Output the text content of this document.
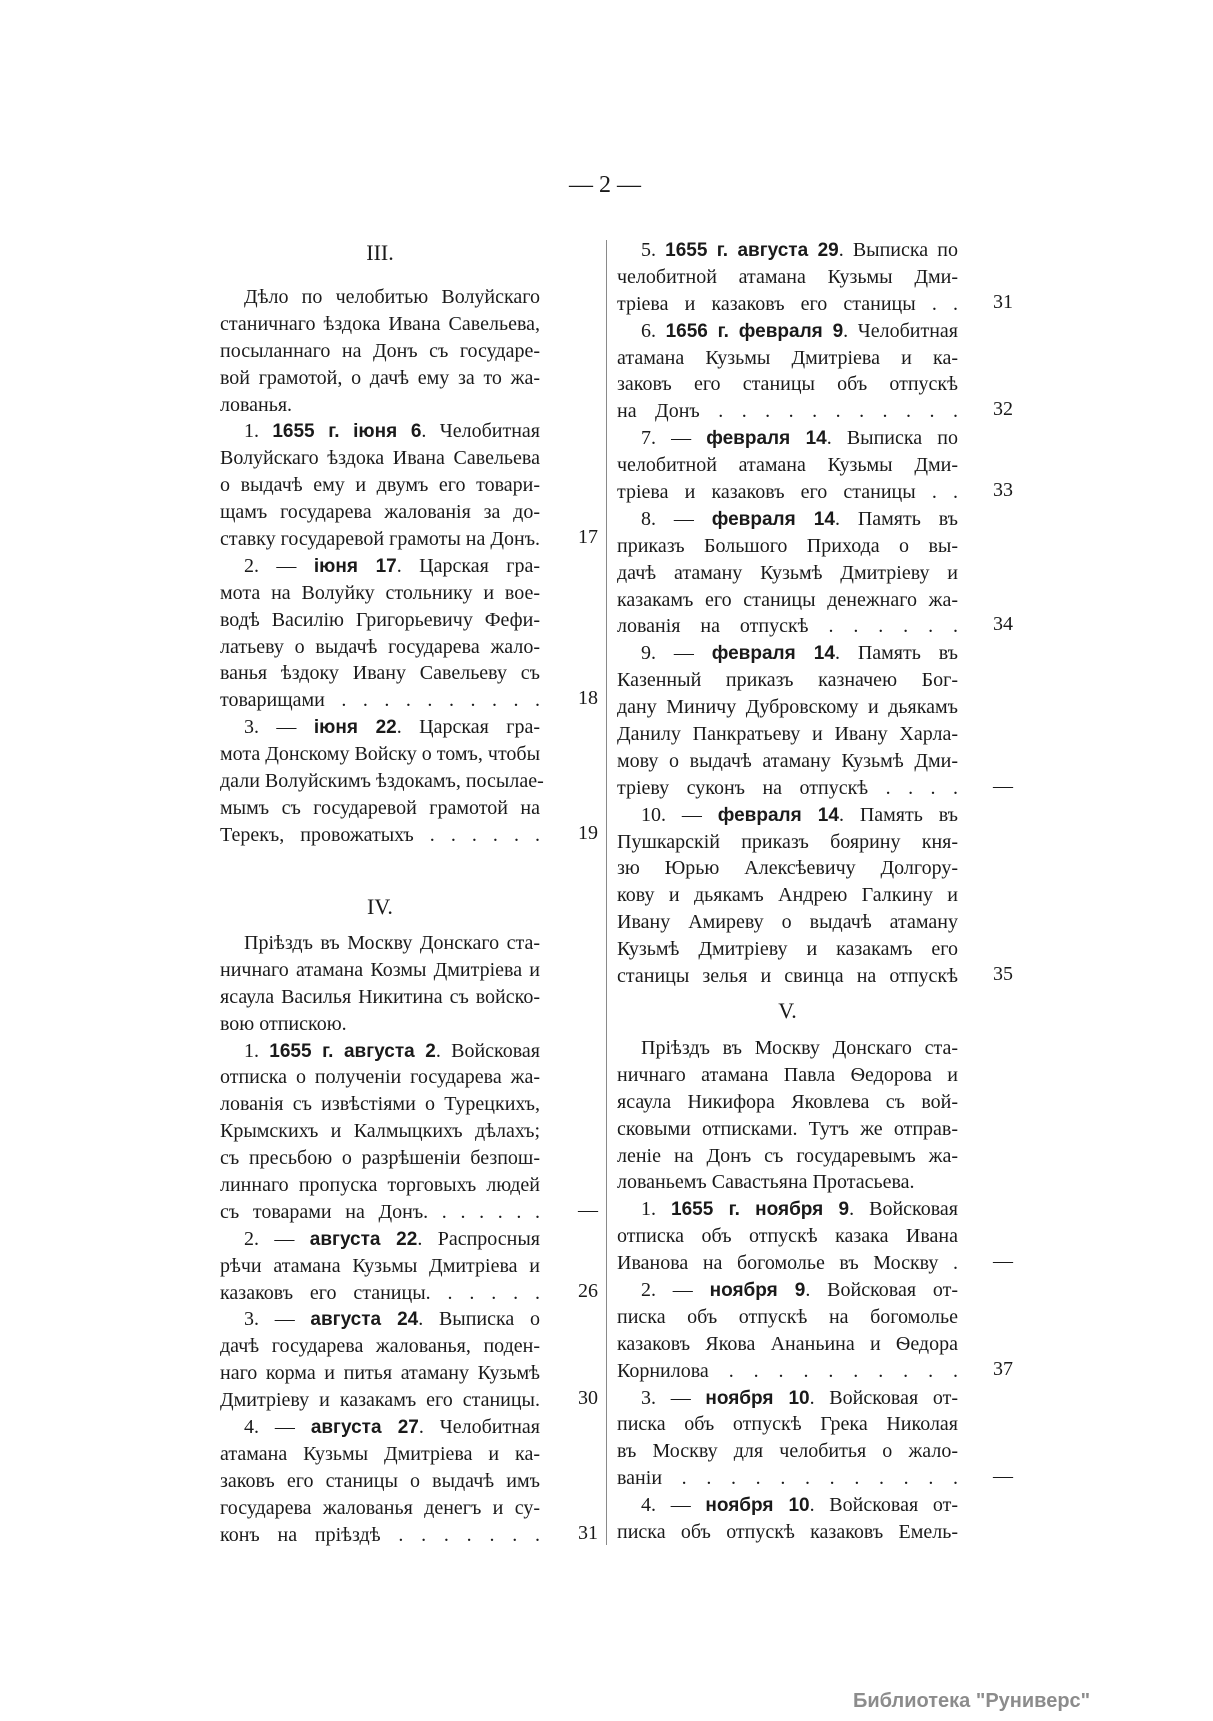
— 2 —
III.
Дѣло по челобитью Волуйскаго
станичнаго ѣздока Ивана Савельева,
посыланнаго на Донъ съ государе-
вой грамотой, о дачѣ ему за то жа-
лованья.
1. 1655 г. іюня 6. Челобитная
Волуйскаго ѣздока Ивана Савельева
о выдачѣ ему и двумъ его товари-
щамъ государева жалованія за до-
ставку государевой грамоты на Донъ.	17
2. — іюня 17. Царская гра-
мота на Волуйку стольнику и вое-
водѣ Василію Григорьевичу Фефи-
латьеву о выдачѣ государева жало-
ванья ѣздоку Ивану Савельеву съ
товарищами . . . . . . . . . .	18
3. — іюня 22. Царская гра-
мота Донскому Войску о томъ, чтобы
дали Волуйскимъ ѣздокамъ, посылае-
мымъ съ государевой грамотой на
Терекъ, провожатыхъ . . . . . .	19
IV.
Пріѣздъ въ Москву Донскаго ста-
ничнаго атамана Козмы Дмитріева и
ясаула Василья Никитина съ войско-
вою отпискою.
1. 1655 г. августа 2. Войсковая
отписка о полученіи государева жа-
лованія съ извѣстіями о Турецкихъ,
Крымскихъ и Калмыцкихъ дѣлахъ;
съ пресьбою о разрѣшеніи безпош-
линнаго пропуска торговыхъ людей
съ товарами на Донъ. . . . . . .	—
2. — августа 22. Распросныя
рѣчи атамана Кузьмы Дмитріева и
казаковъ его станицы. . . . . .	26
3. — августа 24. Выписка о
дачѣ государева жалованья, поден-
наго корма и питья атаману Кузьмѣ
Дмитріеву и казакамъ его станицы.	30
4. — августа 27. Челобитная
атамана Кузьмы Дмитріева и ка-
заковъ его станицы о выдачѣ имъ
государева жалованья денегъ и су-
конъ на пріѣздѣ . . . . . . .	31
5. 1655 г. августа 29. Выписка по
челобитной атамана Кузьмы Дми-
тріева и казаковъ его станицы . .	31
6. 1656 г. февраля 9. Челобитная
атамана Кузьмы Дмитріева и ка-
заковъ его станицы объ отпускѣ
на Донъ . . . . . . . . . . .	32
7. — февраля 14. Выписка по
челобитной атамана Кузьмы Дми-
тріева и казаковъ его станицы . .	33
8. — февраля 14. Память въ
приказъ Большого Прихода о вы-
дачѣ атаману Кузьмѣ Дмитріеву и
казакамъ его станицы денежнаго жа-
лованія на отпускѣ . . . . . .	34
9. — февраля 14. Память въ
Казенный приказъ казначею Бог-
дану Миничу Дубровскому и дьякамъ
Данилу Панкратьеву и Ивану Харла-
мову о выдачѣ атаману Кузьмѣ Дми-
тріеву суконъ на отпускѣ . . . .	—
10. — февраля 14. Память въ
Пушкарскій приказъ боярину кня-
зю Юрью Алексѣевичу Долгору-
кову и дьякамъ Андрею Галкину и
Ивану Амиреву о выдачѣ атаману
Кузьмѣ Дмитріеву и казакамъ его
станицы зелья и свинца на отпускѣ	35
V.
Пріѣздъ въ Москву Донскаго ста-
ничнаго атамана Павла Ѳедорова и
ясаула Никифора Яковлева съ вой-
сковыми отписками. Тутъ же отправ-
леніе на Донъ съ государевымъ жа-
лованьемъ Савастьяна Протасьева.
1. 1655 г. ноября 9. Войсковая
отписка объ отпускѣ казака Ивана
Иванова на богомолье въ Москву .	—
2. — ноября 9. Войсковая от-
писка объ отпускѣ на богомолье
казаковъ Якова Ананьина и Ѳедора
Корнилова . . . . . . . . . .	37
3. — ноября 10. Войсковая от-
писка объ отпускѣ Грека Николая
въ Москву для челобитья о жало-
ваніи . . . . . . . . . . . .	—
4. — ноября 10. Войсковая от-
писка объ отпускѣ казаковъ Емель-
Библиотека "Руниверс"
